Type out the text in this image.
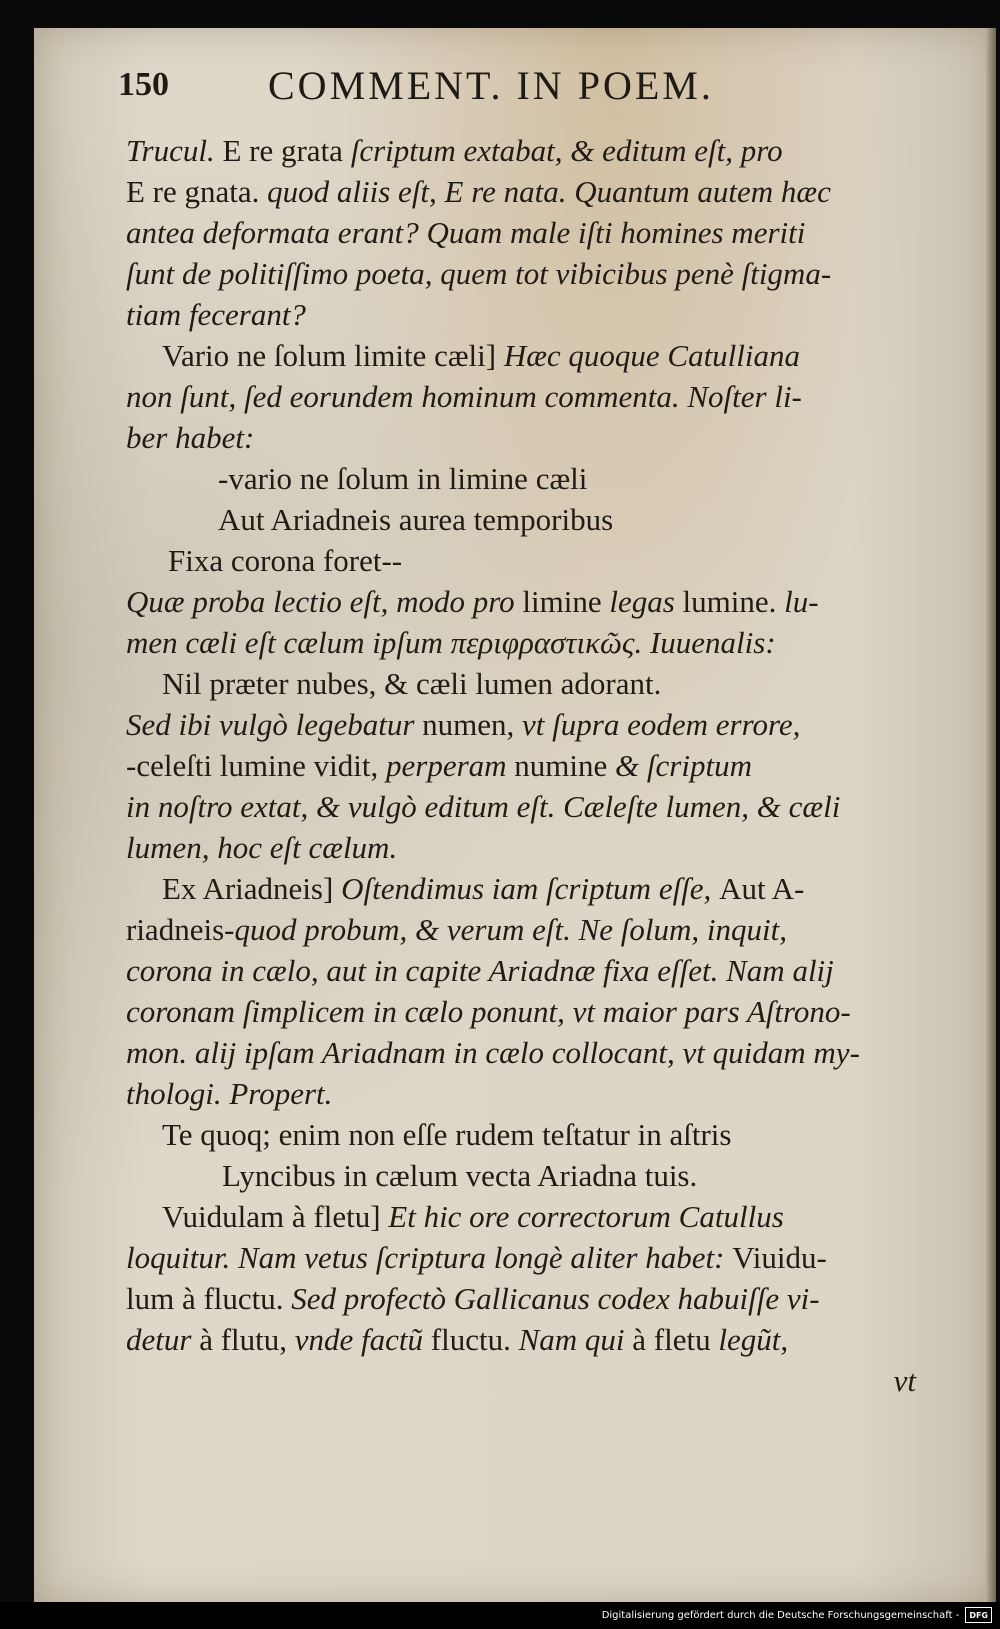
150 COMMENT. IN POEM.
Trucul. E re grata ſcriptum extabat, & editum eſt, pro
E re gnata. quod aliis eſt, E re nata. Quantum autem hæc
antea deformata erant? Quam male iſti homines meriti
ſunt de politiſſimo poeta, quem tot vibicibus penè ſtigma-
tiam fecerant?
Vario ne ſolum limite cæli] Hæc quoque Catulliana
non ſunt, ſed eorundem hominum commenta. Noſter li-
ber habet:
-vario ne ſolum in limine cæli
Aut Ariadneis aurea temporibus
Fixa corona foret--
Quæ proba lectio eſt, modo pro limine legas lumine. lu-
men cæli eſt cælum ipſum περιφραστικῶς. Iuuenalis:
Nil præter nubes, & cæli lumen adorant.
Sed ibi vulgò legebatur numen, vt ſupra eodem errore,
-celeſti lumine vidit, perperam numine & ſcriptum
in noſtro extat, & vulgò editum eſt. Cæleſte lumen, & cæli
lumen, hoc eſt cælum.
Ex Ariadneis] Oſtendimus iam ſcriptum eſſe, Aut A-
riadneis-quod probum, & verum eſt. Ne ſolum, inquit,
corona in cælo, aut in capite Ariadnæ fixa eſſet. Nam alij
coronam ſimplicem in cælo ponunt, vt maior pars Aſtrono-
mon. alij ipſam Ariadnam in cælo collocant, vt quidam my-
thologi. Propert.
Te quoq; enim non eſſe rudem teſtatur in aſtris
Lyncibus in cælum vecta Ariadna tuis.
Vuidulam à fletu] Et hic ore correctorum Catullus
loquitur. Nam vetus ſcriptura longè aliter habet: Viuidu-
lum à fluctu. Sed profectò Gallicanus codex habuiſſe vi-
detur à flutu, vnde factũ fluctu. Nam qui à fletu legũt,
vt
Digitalisierung gefördert durch die Deutsche Forschungsgemeinschaft -	DFG
